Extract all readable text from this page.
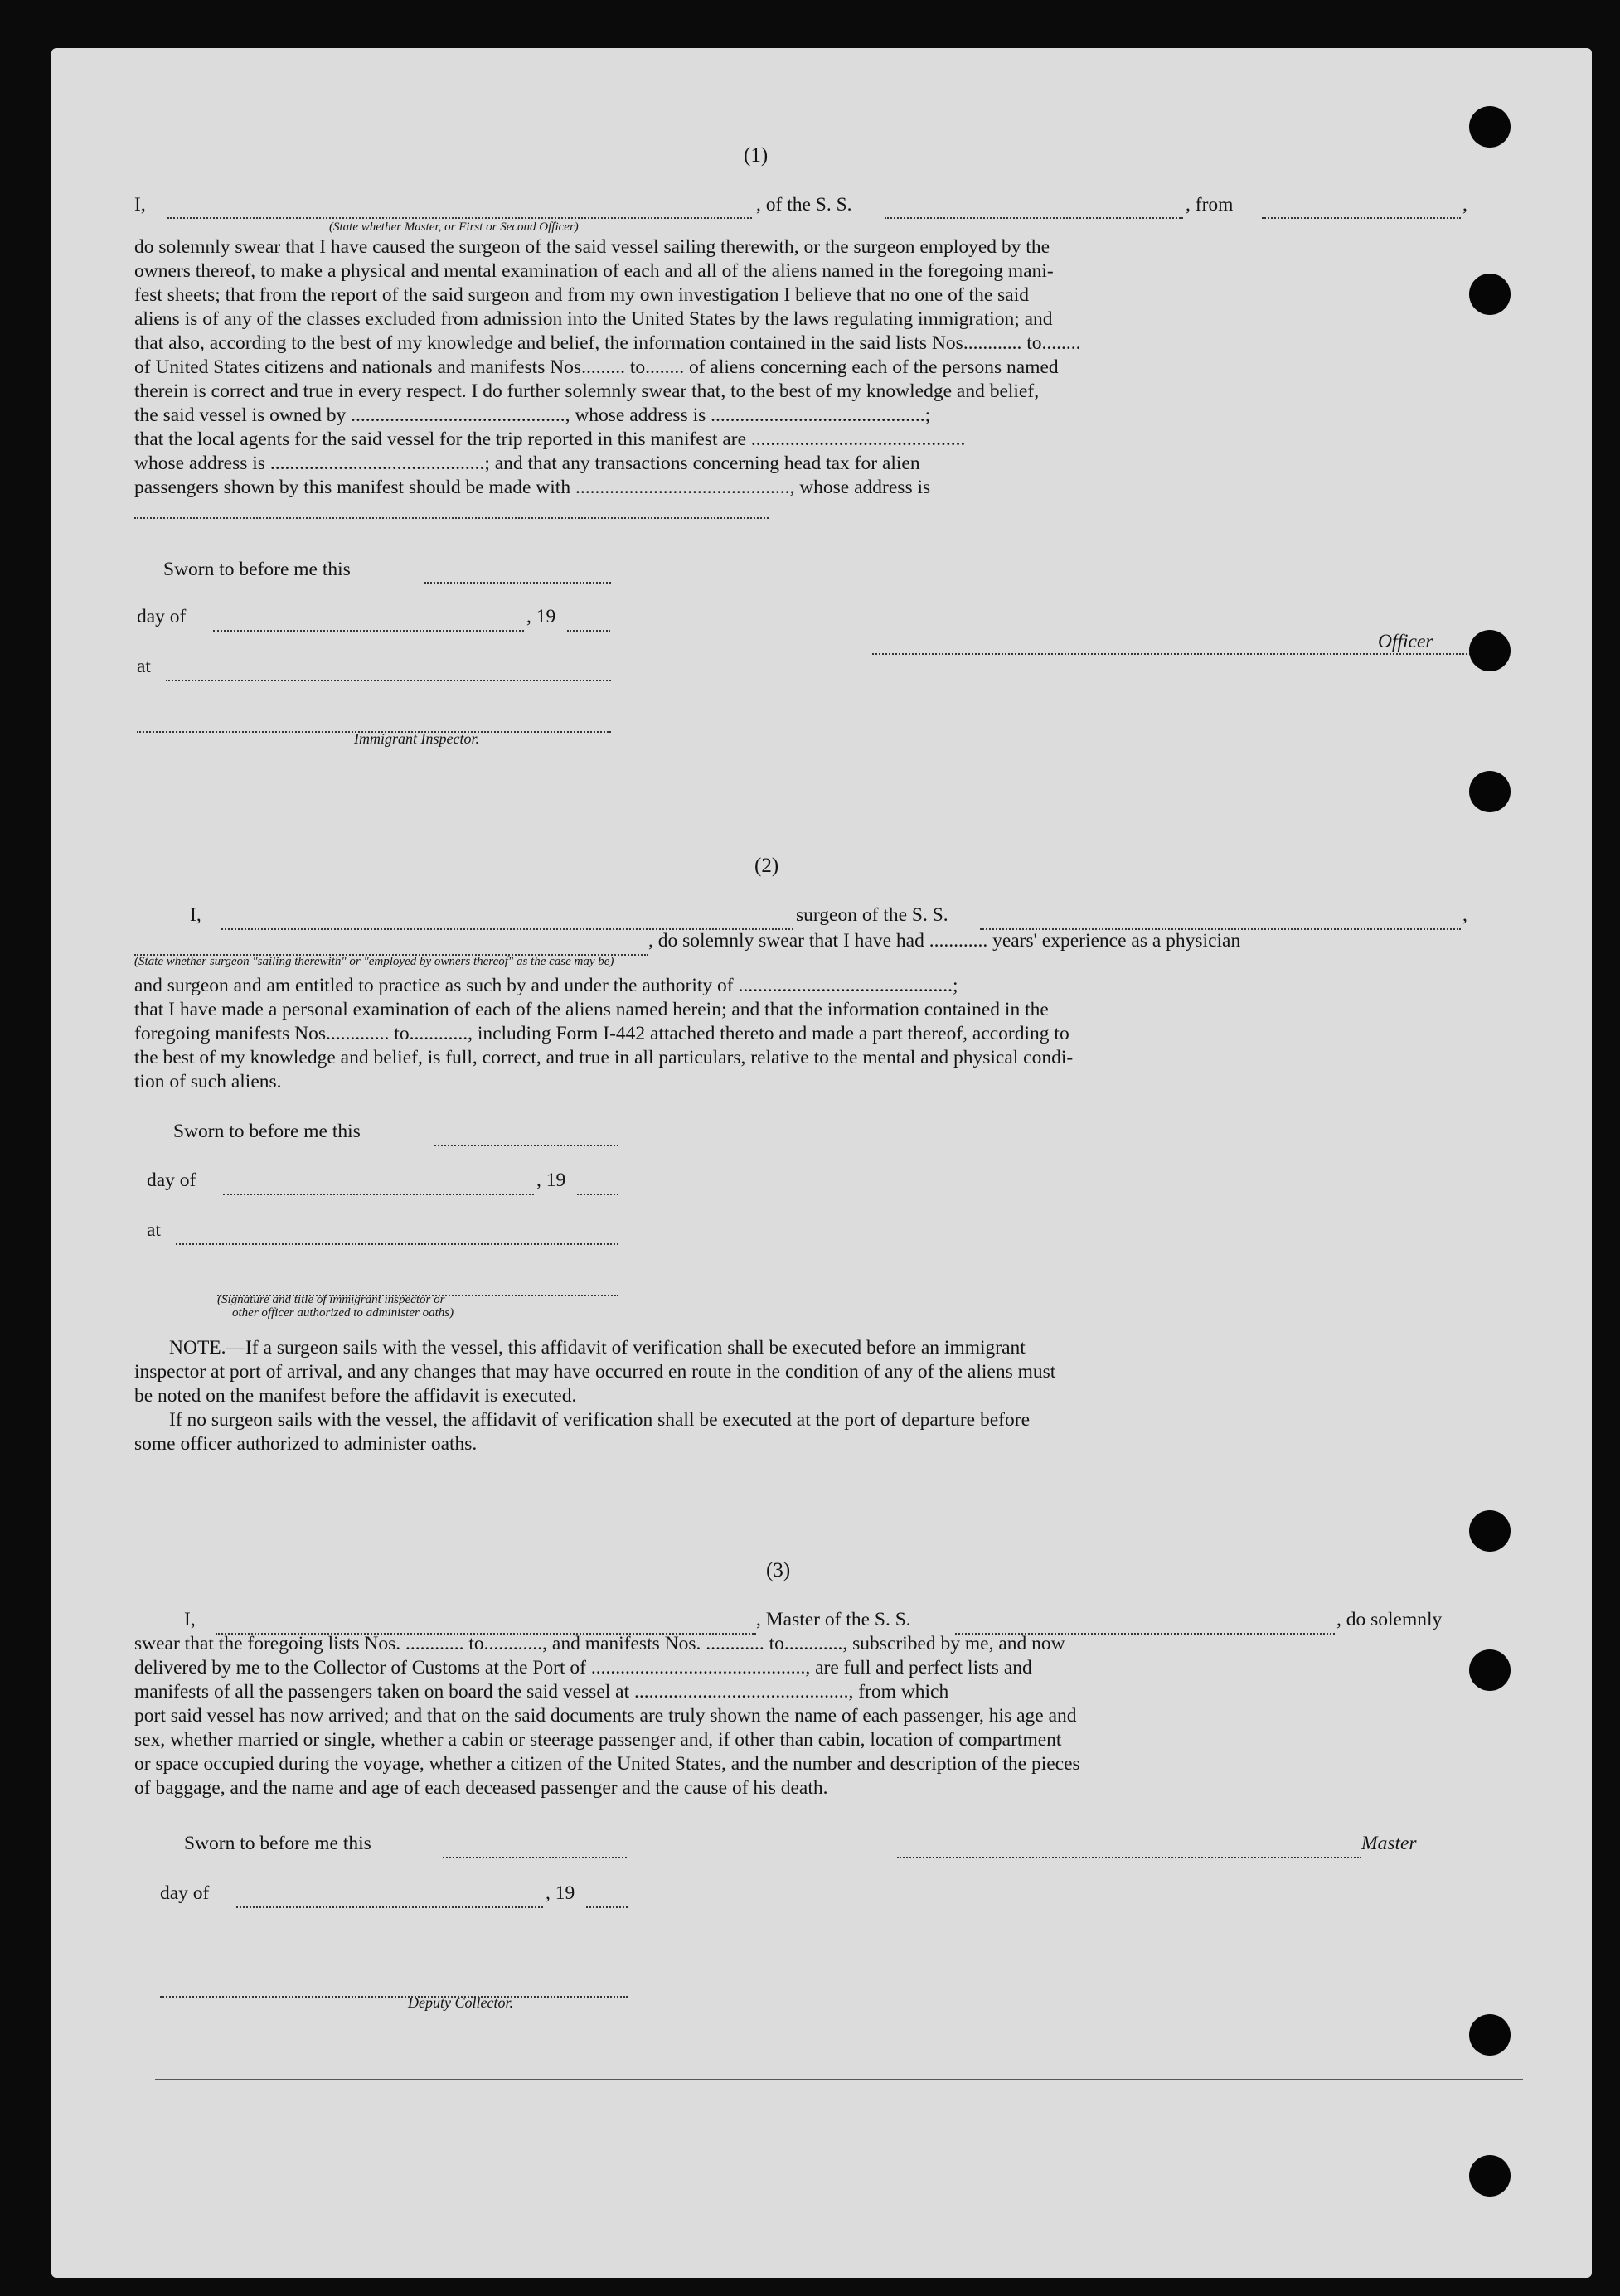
(1)
I,	, of the S. S.	, from	,
(State whether Master, or First or Second Officer)
do solemnly swear that I have caused the surgeon of the said vessel sailing therewith, or the surgeon employed by the
owners thereof, to make a physical and mental examination of each and all of the aliens named in the foregoing mani-
fest sheets; that from the report of the said surgeon and from my own investigation I believe that no one of the said
aliens is of any of the classes excluded from admission into the United States by the laws regulating immigration; and
that also, according to the best of my knowledge and belief, the information contained in the said lists Nos............ to........
of United States citizens and nationals and manifests Nos......... to........ of aliens concerning each of the persons named
therein is correct and true in every respect. I do further solemnly swear that, to the best of my knowledge and belief,
the said vessel is owned by ............................................, whose address is ............................................;
that the local agents for the said vessel for the trip reported in this manifest are ............................................
whose address is ............................................; and that any transactions concerning head tax for alien
passengers shown by this manifest should be made with ............................................, whose address is
Sworn to before me this
day of	, 19
at
Officer
Immigrant Inspector.
(2)
I,	surgeon of the S. S.	,
, do solemnly swear that I have had ............ years' experience as a physician
(State whether surgeon "sailing therewith" or "employed by owners thereof" as the case may be)
and surgeon and am entitled to practice as such by and under the authority of ............................................;
that I have made a personal examination of each of the aliens named herein; and that the information contained in the
foregoing manifests Nos............. to............, including Form I-442 attached thereto and made a part thereof, according to
the best of my knowledge and belief, is full, correct, and true in all particulars, relative to the mental and physical condi-
tion of such aliens.
Sworn to before me this
day of	, 19
at
(Signature and title of immigrant inspector or
other officer authorized to administer oaths)
NOTE.—If a surgeon sails with the vessel, this affidavit of verification shall be executed before an immigrant
inspector at port of arrival, and any changes that may have occurred en route in the condition of any of the aliens must
be noted on the manifest before the affidavit is executed.
If no surgeon sails with the vessel, the affidavit of verification shall be executed at the port of departure before
some officer authorized to administer oaths.
(3)
I,	, Master of the S. S.	, do solemnly
swear that the foregoing lists Nos. ............ to............, and manifests Nos. ............ to............, subscribed by me, and now
delivered by me to the Collector of Customs at the Port of ............................................, are full and perfect lists and
manifests of all the passengers taken on board the said vessel at ............................................, from which
port said vessel has now arrived; and that on the said documents are truly shown the name of each passenger, his age and
sex, whether married or single, whether a cabin or steerage passenger and, if other than cabin, location of compartment
or space occupied during the voyage, whether a citizen of the United States, and the number and description of the pieces
of baggage, and the name and age of each deceased passenger and the cause of his death.
Sworn to before me this	Master
day of	, 19
Deputy Collector.
